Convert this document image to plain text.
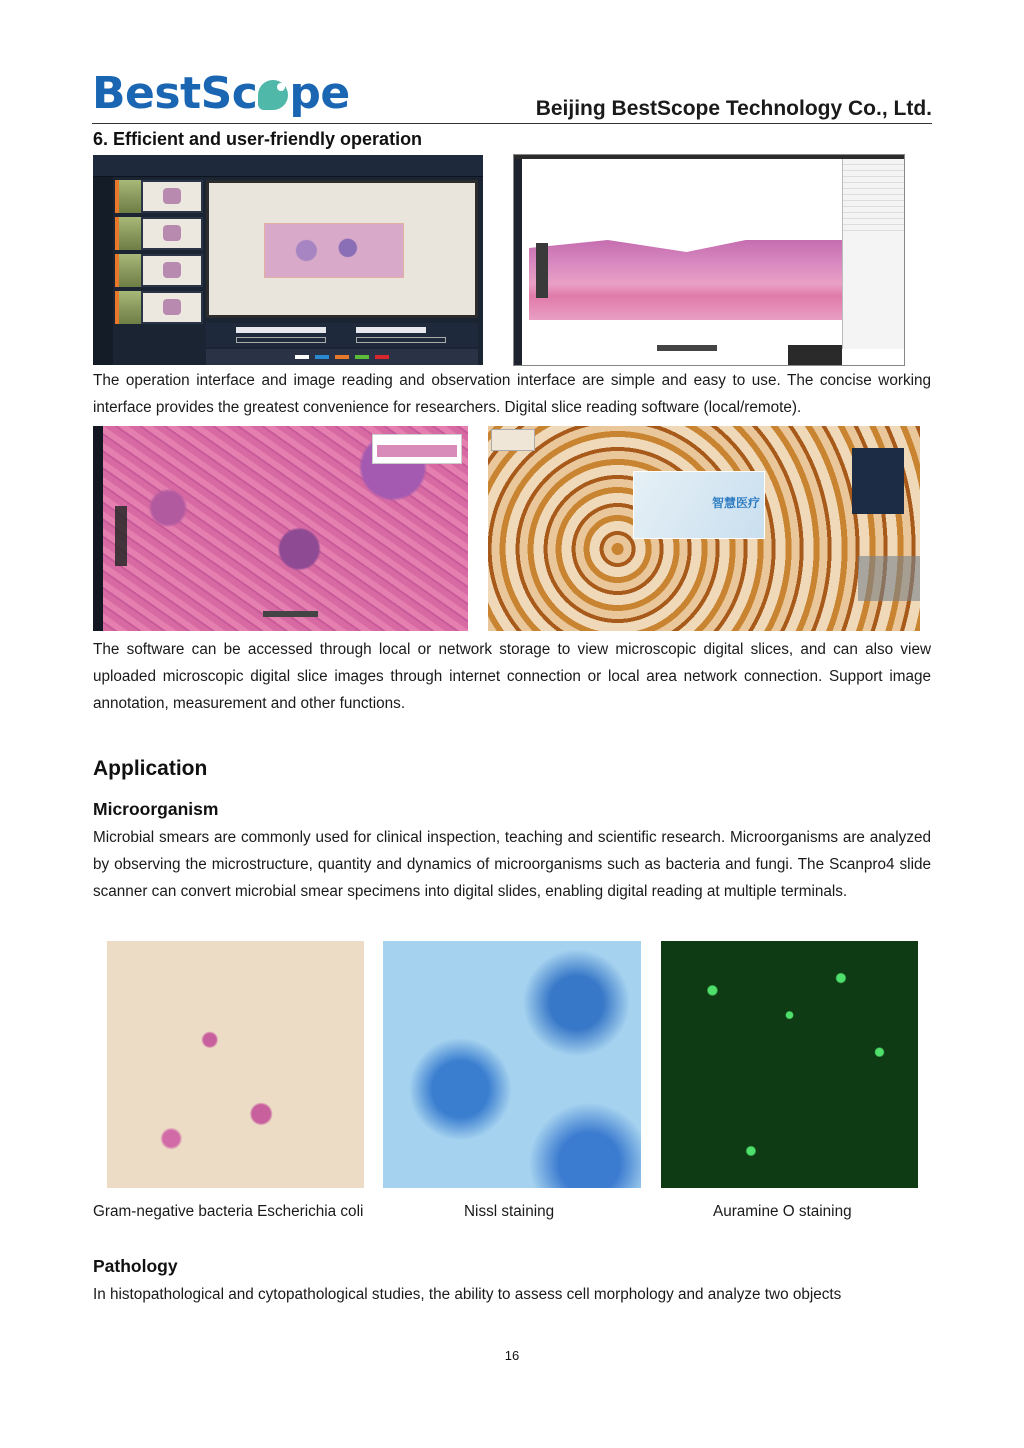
BestSc pe	Beijing BestScope Technology Co., Ltd.
6. Efficient and user-friendly operation
The operation interface and image reading and observation interface are simple and easy to use. The concise working interface provides the greatest convenience for researchers. Digital slice reading software (local/remote).
智慧医疗
The software can be accessed through local or network storage to view microscopic digital slices, and can also view uploaded microscopic digital slice images through internet connection or local area network connection. Support image annotation, measurement and other functions.
Application
Microorganism
Microbial smears are commonly used for clinical inspection, teaching and scientific research. Microorganisms are analyzed by observing the microstructure, quantity and dynamics of microorganisms such as bacteria and fungi. The Scanpro4 slide scanner can convert microbial smear specimens into digital slides, enabling digital reading at multiple terminals.
Gram-negative bacteria Escherichia coli	Nissl staining	Auramine O staining
Pathology
In histopathological and cytopathological studies, the ability to assess cell morphology and analyze two objects
16
